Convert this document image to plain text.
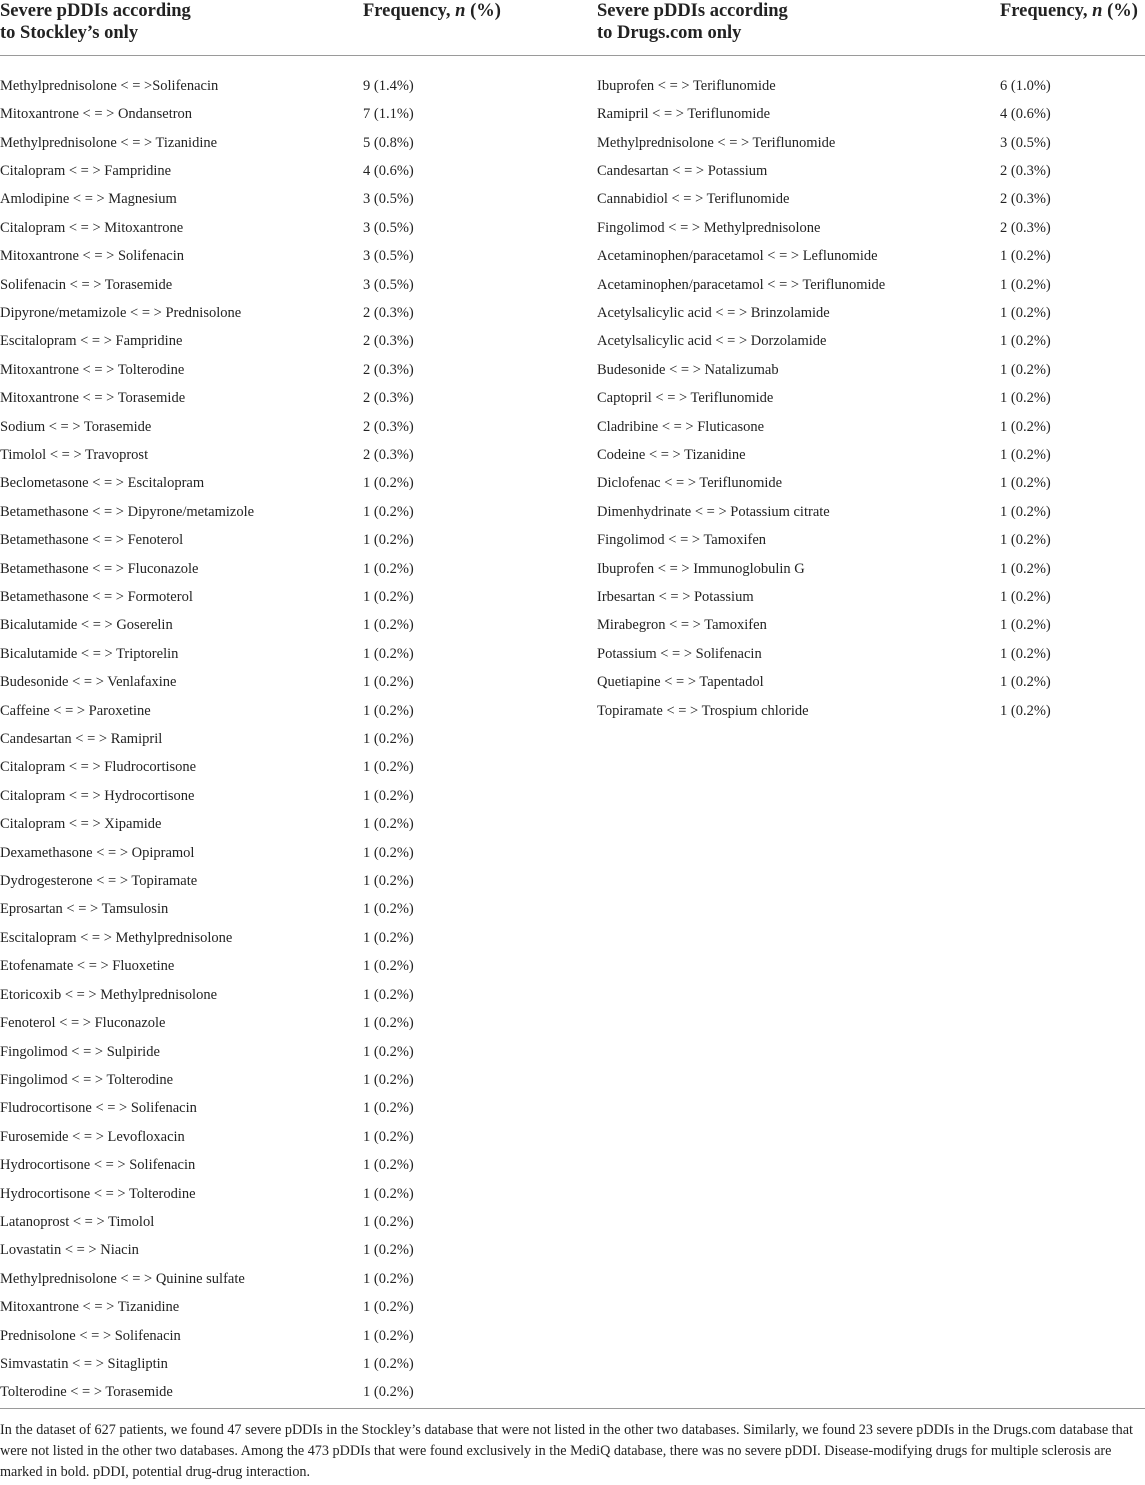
Severe pDDIs according
to Stockley’s only
Frequency, n (%)	Severe pDDIs according
to Drugs.com only
Frequency, n (%)
Methylprednisolone < = >Solifenacin	9 (1.4%)
Mitoxantrone < = > Ondansetron	7 (1.1%)
Methylprednisolone < = > Tizanidine	5 (0.8%)
Citalopram < = > Fampridine	4 (0.6%)
Amlodipine < = > Magnesium	3 (0.5%)
Citalopram < = > Mitoxantrone	3 (0.5%)
Mitoxantrone < = > Solifenacin	3 (0.5%)
Solifenacin < = > Torasemide	3 (0.5%)
Dipyrone/metamizole < = > Prednisolone	2 (0.3%)
Escitalopram < = > Fampridine	2 (0.3%)
Mitoxantrone < = > Tolterodine	2 (0.3%)
Mitoxantrone < = > Torasemide	2 (0.3%)
Sodium < = > Torasemide	2 (0.3%)
Timolol < = > Travoprost	2 (0.3%)
Beclometasone < = > Escitalopram	1 (0.2%)
Betamethasone < = > Dipyrone/metamizole	1 (0.2%)
Betamethasone < = > Fenoterol	1 (0.2%)
Betamethasone < = > Fluconazole	1 (0.2%)
Betamethasone < = > Formoterol	1 (0.2%)
Bicalutamide < = > Goserelin	1 (0.2%)
Bicalutamide < = > Triptorelin	1 (0.2%)
Budesonide < = > Venlafaxine	1 (0.2%)
Caffeine < = > Paroxetine	1 (0.2%)
Candesartan < = > Ramipril	1 (0.2%)
Citalopram < = > Fludrocortisone	1 (0.2%)
Citalopram < = > Hydrocortisone	1 (0.2%)
Citalopram < = > Xipamide	1 (0.2%)
Dexamethasone < = > Opipramol	1 (0.2%)
Dydrogesterone < = > Topiramate	1 (0.2%)
Eprosartan < = > Tamsulosin	1 (0.2%)
Escitalopram < = > Methylprednisolone	1 (0.2%)
Etofenamate < = > Fluoxetine	1 (0.2%)
Etoricoxib < = > Methylprednisolone	1 (0.2%)
Fenoterol < = > Fluconazole	1 (0.2%)
Fingolimod < = > Sulpiride	1 (0.2%)
Fingolimod < = > Tolterodine	1 (0.2%)
Fludrocortisone < = > Solifenacin	1 (0.2%)
Furosemide < = > Levofloxacin	1 (0.2%)
Hydrocortisone < = > Solifenacin	1 (0.2%)
Hydrocortisone < = > Tolterodine	1 (0.2%)
Latanoprost < = > Timolol	1 (0.2%)
Lovastatin < = > Niacin	1 (0.2%)
Methylprednisolone < = > Quinine sulfate	1 (0.2%)
Mitoxantrone < = > Tizanidine	1 (0.2%)
Prednisolone < = > Solifenacin	1 (0.2%)
Simvastatin < = > Sitagliptin	1 (0.2%)
Tolterodine < = > Torasemide	1 (0.2%)
Ibuprofen < = > Teriflunomide	6 (1.0%)
Ramipril < = > Teriflunomide	4 (0.6%)
Methylprednisolone < = > Teriflunomide	3 (0.5%)
Candesartan < = > Potassium	2 (0.3%)
Cannabidiol < = > Teriflunomide	2 (0.3%)
Fingolimod < = > Methylprednisolone	2 (0.3%)
Acetaminophen/paracetamol < = > Leflunomide	1 (0.2%)
Acetaminophen/paracetamol < = > Teriflunomide	1 (0.2%)
Acetylsalicylic acid < = > Brinzolamide	1 (0.2%)
Acetylsalicylic acid < = > Dorzolamide	1 (0.2%)
Budesonide < = > Natalizumab	1 (0.2%)
Captopril < = > Teriflunomide	1 (0.2%)
Cladribine < = > Fluticasone	1 (0.2%)
Codeine < = > Tizanidine	1 (0.2%)
Diclofenac < = > Teriflunomide	1 (0.2%)
Dimenhydrinate < = > Potassium citrate	1 (0.2%)
Fingolimod < = > Tamoxifen	1 (0.2%)
Ibuprofen < = > Immunoglobulin G	1 (0.2%)
Irbesartan < = > Potassium	1 (0.2%)
Mirabegron < = > Tamoxifen	1 (0.2%)
Potassium < = > Solifenacin	1 (0.2%)
Quetiapine < = > Tapentadol	1 (0.2%)
Topiramate < = > Trospium chloride	1 (0.2%)
In the dataset of 627 patients, we found 47 severe pDDIs in the Stockley’s database that were not listed in the other two databases. Similarly, we found 23 severe pDDIs in the Drugs.com database that were not listed in the other two databases. Among the 473 pDDIs that were found exclusively in the MediQ database, there was no severe pDDI. Disease-modifying drugs for multiple sclerosis are marked in bold. pDDI, potential drug-drug interaction.
